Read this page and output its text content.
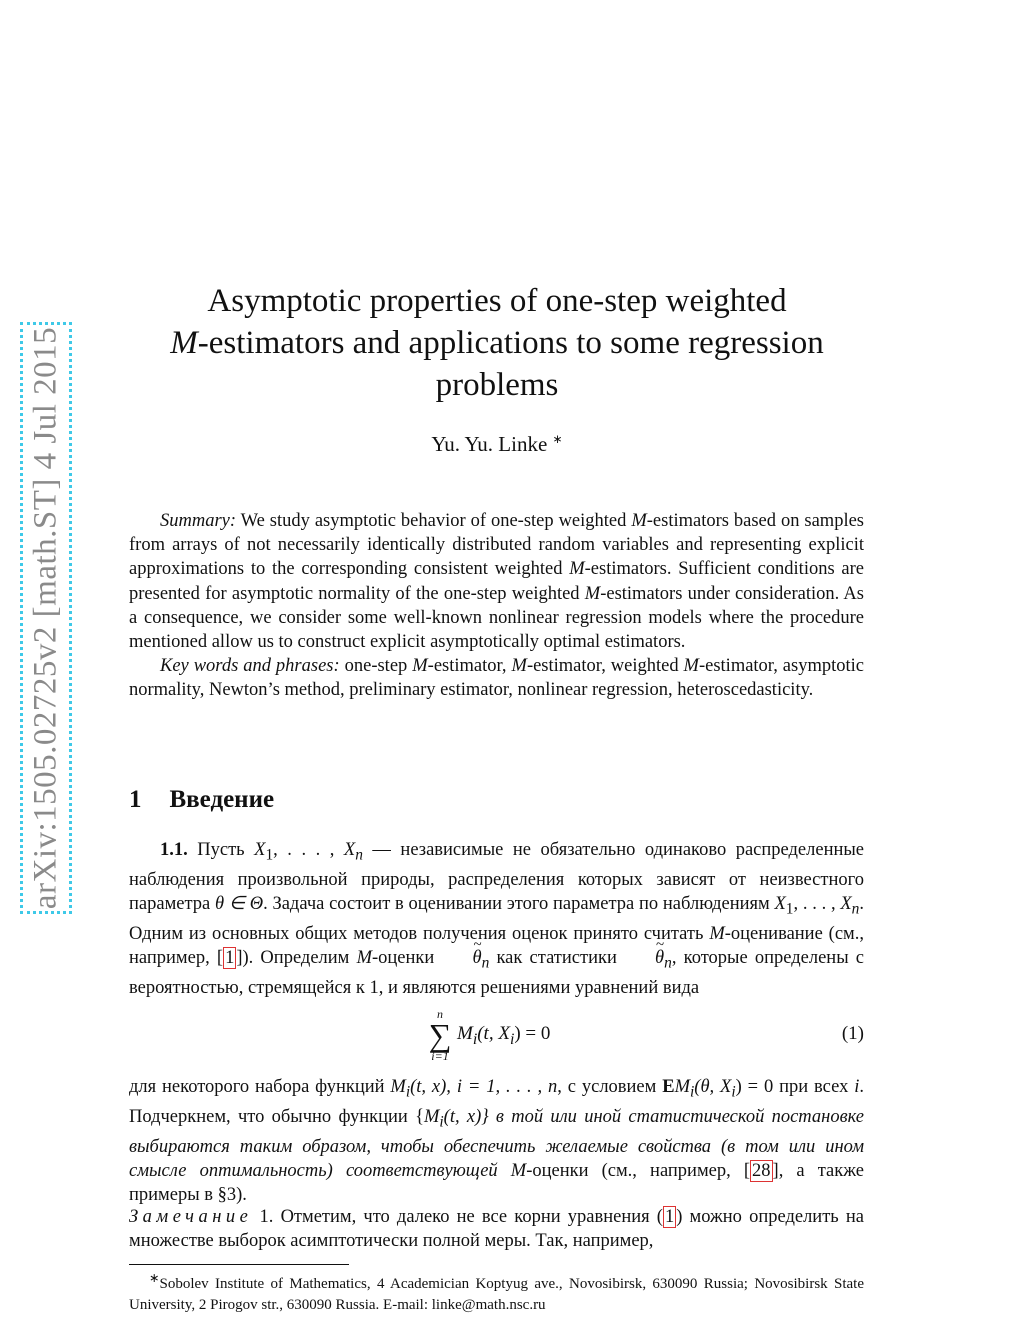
arXiv:1505.02725v2 [math.ST] 4 Jul 2015
Asymptotic properties of one-step weighted
M-estimators and applications to some regression
problems
Yu. Yu. Linke ∗

Summary: We study asymptotic behavior of one-step weighted M-estimators based on samples from arrays of not necessarily identically distributed random variables and representing explicit approximations to the corresponding consistent weighted M-estimators. Sufficient conditions are presented for asymptotic normality of the one-step weighted M-estimators under consideration. As a consequence, we consider some well-known nonlinear regression models where the procedure mentioned allow us to construct explicit asymptotically optimal estimators.

Key words and phrases: one-step M-estimator, M-estimator, weighted M-estimator, asymptotic normality, Newton’s method, preliminary estimator, nonlinear regression, heteroscedasticity.

1 Введение

1.1. Пусть $X_1$, . . . , $X_n$ — независимые не обязательно одинаково распределенные наблюдения произвольной природы, распределения которых зависят от неизвестного параметра θ ∈ Θ. Задача состоит в оценивании этого параметра по наблюдениям $X_1$, . . . , $X_n$. Одним из основных общих методов получения оценок принято считать M-оценивание (см., например, [ 1 ]). Определим M-оценки ~ $\theta_n$ как статистики ~ $\theta_n$, которые определены с вероятностью, стремящейся к 1, и являются решениями уравнений вида

n
∑
i=1
$M_i(t$, $X_i) = 0$	(1)

для некоторого набора функций $M_i(t$, x), i = 1, . . . , n, с условием $EM_i(\theta$, $X_i) = 0$ при всех i. Подчеркнем, что обычно функции {$M_i(t$, x)} в той или иной статистической постановке выбираются таким образом, чтобы обеспечить желаемые свойства (в том или ином смысле оптимальность) соответствующей M-оценки (см., например, [ 28 ], а также примеры в §3).

Замечание 1. Отметим, что далеко не все корни уравнения ( 1 ) можно определить на множестве выборок асимптотически полной меры. Так, например,

∗Sobolev Institute of Mathematics, 4 Academician Koptyug ave., Novosibirsk, 630090 Russia; Novosibirsk State University, 2 Pirogov str., 630090 Russia. E-mail: linke@math.nsc.ru
